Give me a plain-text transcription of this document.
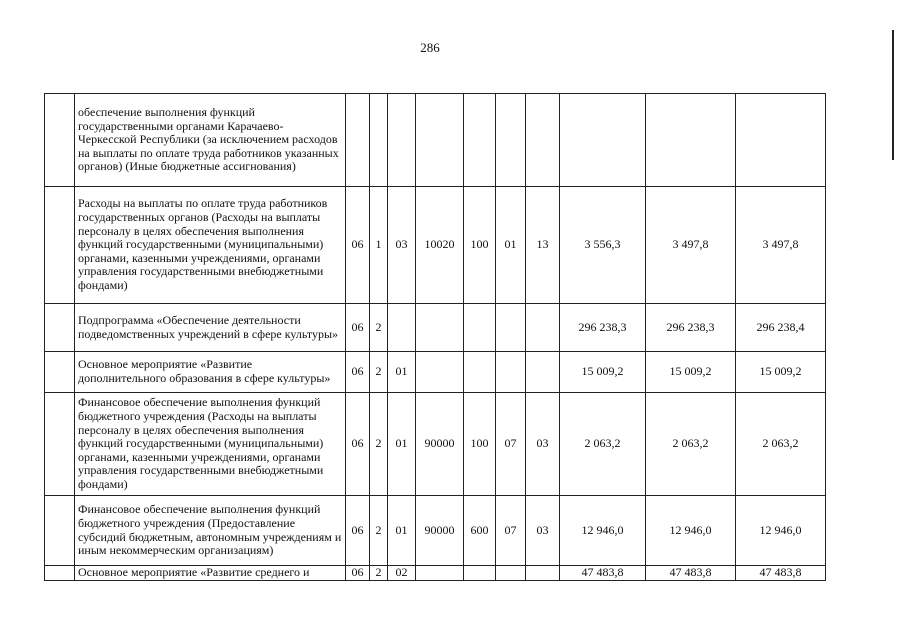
286
	обеспечение выполнения функций государственными органами Карачаево-Черкесской Республики (за исключением расходов на выплаты по оплате труда работников указанных органов) (Иные бюджетные ассигнования)										
	Расходы на выплаты по оплате труда работников государственных органов (Расходы на выплаты персоналу в целях обеспечения выполнения функций государственными (муниципальными) органами, казенными учреждениями, органами управления государственными внебюджетными фондами)	06	1	03	10020	100	01	13	3 556,3	3 497,8	3 497,8
	Подпрограмма «Обеспечение деятельности подведомственных учреждений в сфере культуры»	06	2						296 238,3	296 238,3	296 238,4
	Основное мероприятие «Развитие дополнительного образования в сфере культуры»	06	2	01					15 009,2	15 009,2	15 009,2
	Финансовое обеспечение выполнения функций бюджетного учреждения (Расходы на выплаты персоналу в целях обеспечения выполнения функций государственными (муниципальными) органами, казенными учреждениями, органами управления государственными внебюджетными фондами)	06	2	01	90000	100	07	03	2 063,2	2 063,2	2 063,2
	Финансовое обеспечение выполнения функций бюджетного учреждения (Предоставление субсидий бюджетным, автономным учреждениям и иным некоммерческим организациям)	06	2	01	90000	600	07	03	12 946,0	12 946,0	12 946,0
	Основное мероприятие «Развитие среднего и	06	2	02					47 483,8	47 483,8	47 483,8
